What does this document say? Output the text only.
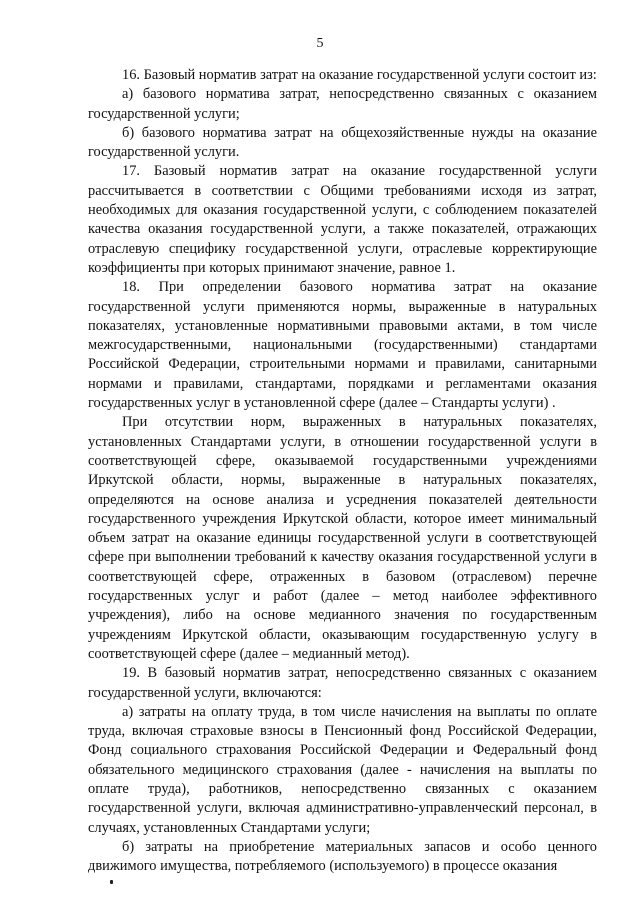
5

16. Базовый норматив затрат на оказание государственной услуги состоит из:

а) базового норматива затрат, непосредственно связанных с оказанием государственной услуги;

б) базового норматива затрат на общехозяйственные нужды на оказание государственной услуги.

17. Базовый норматив затрат на оказание государственной услуги рассчитывается в соответствии с Общими требованиями исходя из затрат, необходимых для оказания государственной услуги, с соблюдением показателей качества оказания государственной услуги, а также показателей, отражающих отраслевую специфику государственной услуги, отраслевые корректирующие коэффициенты при которых принимают значение, равное 1.

18. При определении базового норматива затрат на оказание государственной услуги применяются нормы, выраженные в натуральных показателях, установленные нормативными правовыми актами, в том числе межгосударственными, национальными (государственными) стандартами Российской Федерации, строительными нормами и правилами, санитарными нормами и правилами, стандартами, порядками и регламентами оказания государственных услуг в установленной сфере (далее – Стандарты услуги) .

При отсутствии норм, выраженных в натуральных показателях, установленных Стандартами услуги, в отношении государственной услуги в соответствующей сфере, оказываемой государственными учреждениями Иркутской области, нормы, выраженные в натуральных показателях, определяются на основе анализа и усреднения показателей деятельности государственного учреждения Иркутской области, которое имеет минимальный объем затрат на оказание единицы государственной услуги в соответствующей сфере при выполнении требований к качеству оказания государственной услуги в соответствующей сфере, отраженных в базовом (отраслевом) перечне государственных услуг и работ (далее – метод наиболее эффективного учреждения), либо на основе медианного значения по государственным учреждениям Иркутской области, оказывающим государственную услугу в соответствующей сфере (далее – медианный метод).

19. В базовый норматив затрат, непосредственно связанных с оказанием государственной услуги, включаются:

а) затраты на оплату труда, в том числе начисления на выплаты по оплате труда, включая страховые взносы в Пенсионный фонд Российской Федерации, Фонд социального страхования Российской Федерации и Федеральный фонд обязательного медицинского страхования (далее - начисления на выплаты по оплате труда), работников, непосредственно связанных с оказанием государственной услуги, включая административно-управленческий персонал, в случаях, установленных Стандартами услуги;

б) затраты на приобретение материальных запасов и особо ценного движимого имущества, потребляемого (используемого) в процессе оказания
